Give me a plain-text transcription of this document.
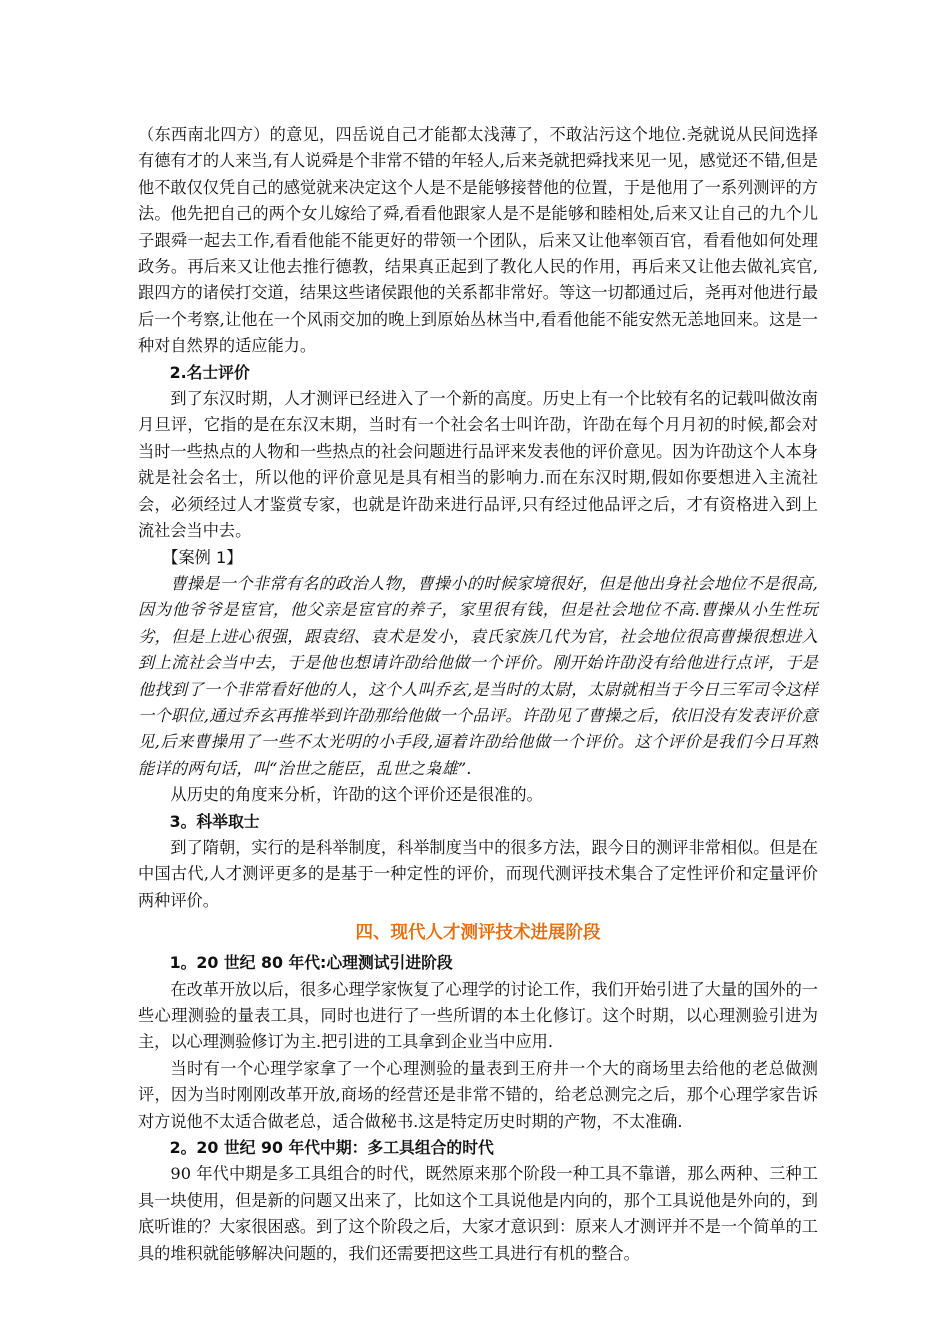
（东西南北四方）的意见，四岳说自己才能都太浅薄了，不敢沾污这个地位.尧就说从民间选择有德有才的人来当,有人说舜是个非常不错的年轻人,后来尧就把舜找来见一见，感觉还不错,但是他不敢仅仅凭自己的感觉就来决定这个人是不是能够接替他的位置，于是他用了一系列测评的方法。他先把自己的两个女儿嫁给了舜,看看他跟家人是不是能够和睦相处,后来又让自己的九个儿子跟舜一起去工作,看看他能不能更好的带领一个团队，后来又让他率领百官，看看他如何处理政务。再后来又让他去推行德教，结果真正起到了教化人民的作用，再后来又让他去做礼宾官,跟四方的诸侯打交道，结果这些诸侯跟他的关系都非常好。等这一切都通过后，尧再对他进行最后一个考察,让他在一个风雨交加的晚上到原始丛林当中,看看他能不能安然无恙地回来。这是一种对自然界的适应能力。

2.名士评价

到了东汉时期，人才测评已经进入了一个新的高度。历史上有一个比较有名的记载叫做汝南月旦评，它指的是在东汉末期，当时有一个社会名士叫许劭，许劭在每个月月初的时候,都会对当时一些热点的人物和一些热点的社会问题进行品评来发表他的评价意见。因为许劭这个人本身就是社会名士，所以他的评价意见是具有相当的影响力.而在东汉时期,假如你要想进入主流社会，必须经过人才鉴赏专家，也就是许劭来进行品评,只有经过他品评之后，才有资格进入到上流社会当中去。

【案例 1】

曹操是一个非常有名的政治人物，曹操小的时候家境很好，但是他出身社会地位不是很高,因为他爷爷是宦官，他父亲是宦官的养子，家里很有钱，但是社会地位不高.曹操从小生性玩劣，但是上进心很强，跟袁绍、袁术是发小，袁氏家族几代为官，社会地位很高曹操很想进入到上流社会当中去，于是他也想请许劭给他做一个评价。刚开始许劭没有给他进行点评，于是他找到了一个非常看好他的人，这个人叫乔玄,是当时的太尉，太尉就相当于今日三军司令这样一个职位,通过乔玄再推举到许劭那给他做一个品评。许劭见了曹操之后，依旧没有发表评价意见,后来曹操用了一些不太光明的小手段,逼着许劭给他做一个评价。这个评价是我们今日耳熟能详的两句话，叫“治世之能臣，乱世之枭雄”.

从历史的角度来分析，许劭的这个评价还是很准的。

3。科举取士

到了隋朝，实行的是科举制度，科举制度当中的很多方法，跟今日的测评非常相似。但是在中国古代,人才测评更多的是基于一种定性的评价，而现代测评技术集合了定性评价和定量评价两种评价。

四、现代人才测评技术进展阶段

1。20 世纪 80 年代:心理测试引进阶段

在改革开放以后，很多心理学家恢复了心理学的讨论工作，我们开始引进了大量的国外的一些心理测验的量表工具，同时也进行了一些所谓的本土化修订。这个时期，以心理测验引进为主，以心理测验修订为主.把引进的工具拿到企业当中应用.

当时有一个心理学家拿了一个心理测验的量表到王府井一个大的商场里去给他的老总做测评，因为当时刚刚改革开放,商场的经营还是非常不错的，给老总测完之后，那个心理学家告诉对方说他不太适合做老总，适合做秘书.这是特定历史时期的产物，不太准确.

2。20 世纪 90 年代中期：多工具组合的时代

90 年代中期是多工具组合的时代，既然原来那个阶段一种工具不靠谱，那么两种、三种工具一块使用，但是新的问题又出来了，比如这个工具说他是内向的，那个工具说他是外向的，到底听谁的？大家很困惑。到了这个阶段之后，大家才意识到：原来人才测评并不是一个简单的工具的堆积就能够解决问题的，我们还需要把这些工具进行有机的整合。
